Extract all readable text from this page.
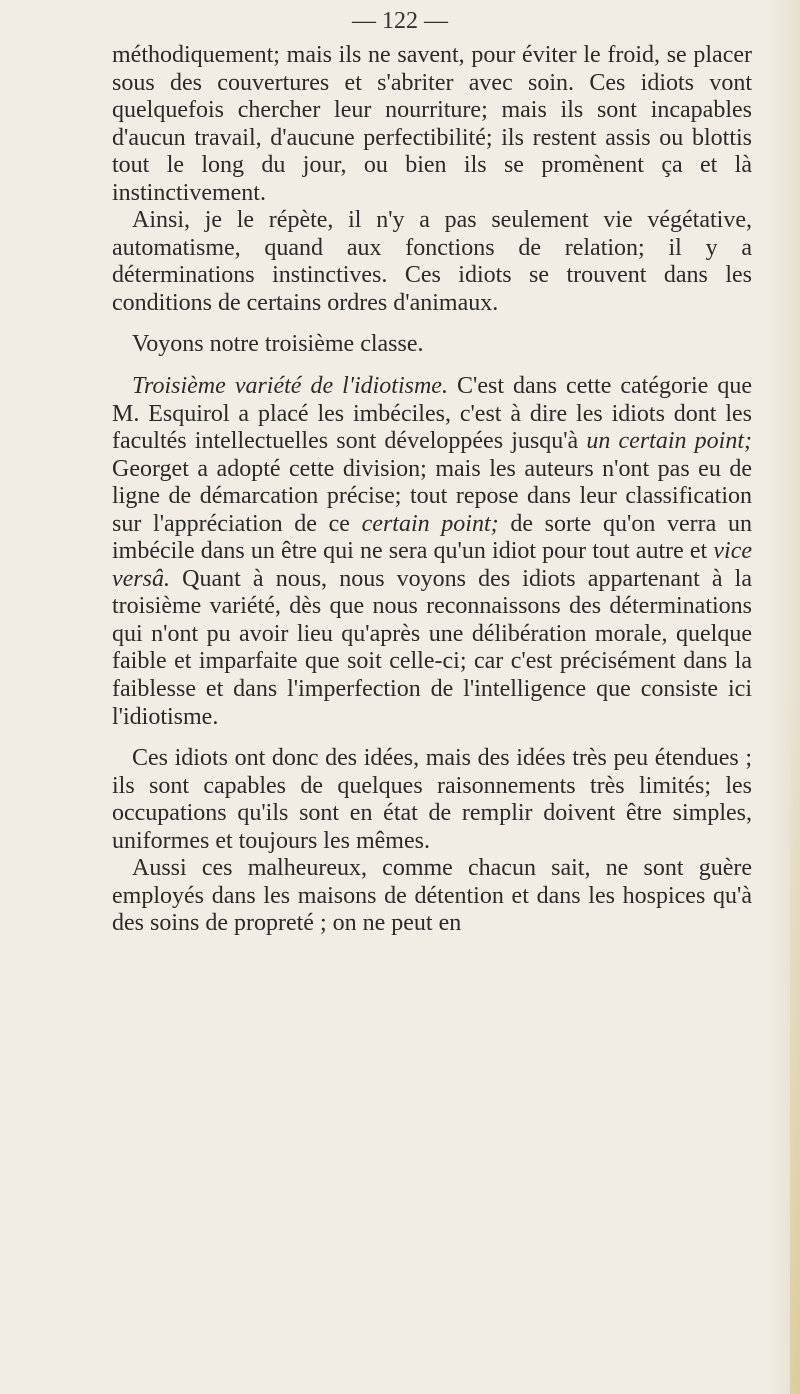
— 122 —

méthodiquement; mais ils ne savent, pour éviter le froid, se placer sous des couvertures et s'abriter avec soin. Ces idiots vont quelquefois chercher leur nourriture; mais ils sont incapables d'aucun travail, d'aucune perfectibilité; ils restent assis ou blottis tout le long du jour, ou bien ils se promènent ça et là instinctivement.

Ainsi, je le répète, il n'y a pas seulement vie végétative, automatisme, quand aux fonctions de relation; il y a déterminations instinctives. Ces idiots se trouvent dans les conditions de certains ordres d'animaux.

Voyons notre troisième classe.

Troisième variété de l'idiotisme. C'est dans cette catégorie que M. Esquirol a placé les imbéciles, c'est à dire les idiots dont les facultés intellectuelles sont développées jusqu'à un certain point; Georget a adopté cette division; mais les auteurs n'ont pas eu de ligne de démarcation précise; tout repose dans leur classification sur l'appréciation de ce certain point; de sorte qu'on verra un imbécile dans un être qui ne sera qu'un idiot pour tout autre et vice versâ. Quant à nous, nous voyons des idiots appartenant à la troisième variété, dès que nous reconnaissons des déterminations qui n'ont pu avoir lieu qu'après une délibération morale, quelque faible et imparfaite que soit celle-ci; car c'est précisément dans la faiblesse et dans l'imperfection de l'intelligence que consiste ici l'idiotisme.

Ces idiots ont donc des idées, mais des idées très peu étendues ; ils sont capables de quelques raisonnements très limités; les occupations qu'ils sont en état de remplir doivent être simples, uniformes et toujours les mêmes.

Aussi ces malheureux, comme chacun sait, ne sont guère employés dans les maisons de détention et dans les hospices qu'à des soins de propreté ; on ne peut en
